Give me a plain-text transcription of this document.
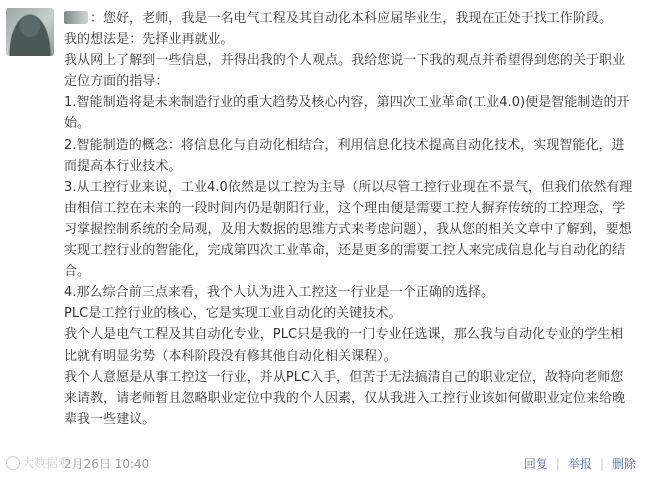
：您好，老师，我是一名电气工程及其自动化本科应届毕业生，我现在正处于找工作阶段。

我的想法是：先择业再就业。

我从网上了解到一些信息，并得出我的个人观点。我给您说一下我的观点并希望得到您的关于职业定位方面的指导：

1.智能制造将是未来制造行业的重大趋势及核心内容，第四次工业革命(工业4.0)便是智能制造的开始。

2.智能制造的概念：将信息化与自动化相结合，利用信息化技术提高自动化技术，实现智能化，进而提高本行业技术。

3.从工控行业来说，工业4.0依然是以工控为主导（所以尽管工控行业现在不景气，但我们依然有理由相信工控在未来的一段时间内仍是朝阳行业，这个理由便是需要工控人摒弃传统的工控理念，学习掌握控制系统的全局观，及用大数据的思维方式来考虑问题），我从您的相关文章中了解到，要想实现工控行业的智能化，完成第四次工业革命，还是更多的需要工控人来完成信息化与自动化的结合。

4.那么综合前三点来看，我个人认为进入工控这一行业是一个正确的选择。

PLC是工控行业的核心，它是实现工业自动化的关键技术。

我个人是电气工程及其自动化专业，PLC只是我的一门专业任选课，那么我与自动化专业的学生相比就有明显劣势（本科阶段没有修其他自动化相关课程）。

我个人意愿是从事工控这一行业，并从PLC入手，但苦于无法搞清自己的职业定位，故特向老师您来请教，请老师暂且忽略职业定位中我的个人因素，仅从我进入工控行业该如何做职业定位来给晚辈我一些建议。

2月26日 10:40	回复 | 举报 | 删除
大数据观
